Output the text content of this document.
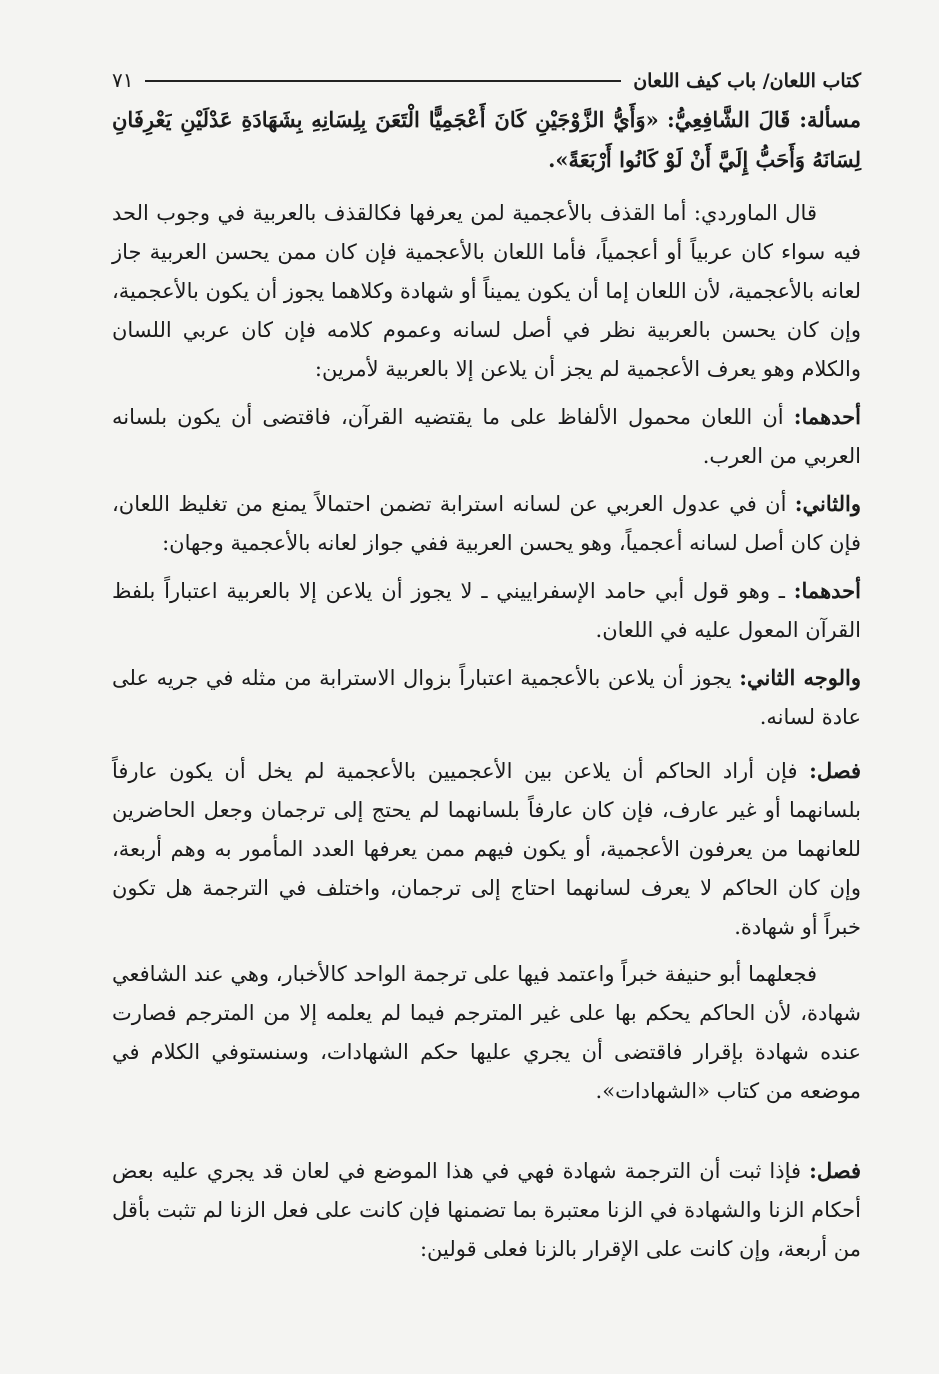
كتاب اللعان/ باب كيف اللعان
٧١

مسألة: قَالَ الشَّافِعِيُّ: «وَأَيُّ الزَّوْجَيْنِ كَانَ أَعْجَمِيًّا الْتَعَنَ بِلِسَانِهِ بِشَهَادَةِ عَدْلَيْنِ يَعْرِفَانِ لِسَانَهُ وَأَحَبُّ إِلَيَّ أَنْ لَوْ كَانُوا أَرْبَعَةً».

قال الماوردي: أما القذف بالأعجمية لمن يعرفها فكالقذف بالعربية في وجوب الحد فيه سواء كان عربياً أو أعجمياً، فأما اللعان بالأعجمية فإن كان ممن يحسن العربية جاز لعانه بالأعجمية، لأن اللعان إما أن يكون يميناً أو شهادة وكلاهما يجوز أن يكون بالأعجمية، وإن كان يحسن بالعربية نظر في أصل لسانه وعموم كلامه فإن كان عربي اللسان والكلام وهو يعرف الأعجمية لم يجز أن يلاعن إلا بالعربية لأمرين:

أحدهما: أن اللعان محمول الألفاظ على ما يقتضيه القرآن، فاقتضى أن يكون بلسانه العربي من العرب.

والثاني: أن في عدول العربي عن لسانه استرابة تضمن احتمالاً يمنع من تغليظ اللعان، فإن كان أصل لسانه أعجمياً، وهو يحسن العربية ففي جواز لعانه بالأعجمية وجهان:

أحدهما: ـ وهو قول أبي حامد الإسفراييني ـ لا يجوز أن يلاعن إلا بالعربية اعتباراً بلفظ القرآن المعول عليه في اللعان.

والوجه الثاني: يجوز أن يلاعن بالأعجمية اعتباراً بزوال الاسترابة من مثله في جريه على عادة لسانه.

فصل: فإن أراد الحاكم أن يلاعن بين الأعجميين بالأعجمية لم يخل أن يكون عارفاً بلسانهما أو غير عارف، فإن كان عارفاً بلسانهما لم يحتج إلى ترجمان وجعل الحاضرين للعانهما من يعرفون الأعجمية، أو يكون فيهم ممن يعرفها العدد المأمور به وهم أربعة، وإن كان الحاكم لا يعرف لسانهما احتاج إلى ترجمان، واختلف في الترجمة هل تكون خبراً أو شهادة.

فجعلهما أبو حنيفة خبراً واعتمد فيها على ترجمة الواحد كالأخبار، وهي عند الشافعي شهادة، لأن الحاكم يحكم بها على غير المترجم فيما لم يعلمه إلا من المترجم فصارت عنده شهادة بإقرار فاقتضى أن يجري عليها حكم الشهادات، وسنستوفي الكلام في موضعه من كتاب «الشهادات».

فصل: فإذا ثبت أن الترجمة شهادة فهي في هذا الموضع في لعان قد يجري عليه بعض أحكام الزنا والشهادة في الزنا معتبرة بما تضمنها فإن كانت على فعل الزنا لم تثبت بأقل من أربعة، وإن كانت على الإقرار بالزنا فعلى قولين:
